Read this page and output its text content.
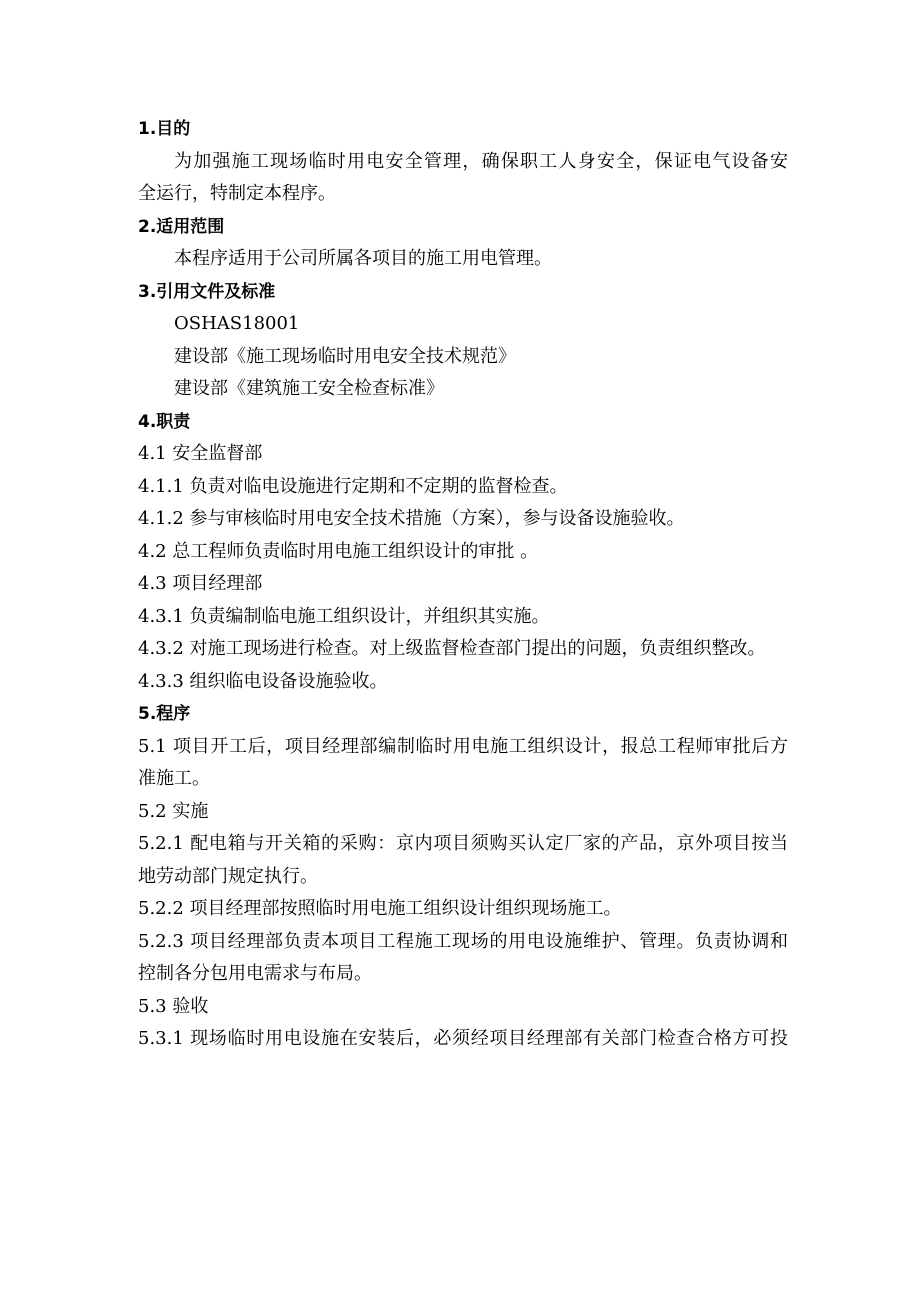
1.目的
为加强施工现场临时用电安全管理，确保职工人身安全，保证电气设备安
全运行，特制定本程序。
2.适用范围
本程序适用于公司所属各项目的施工用电管理。
3.引用文件及标准
OSHAS18001
建设部《施工现场临时用电安全技术规范》
建设部《建筑施工安全检查标准》
4.职责
4.1 安全监督部
4.1.1 负责对临电设施进行定期和不定期的监督检查。
4.1.2 参与审核临时用电安全技术措施（方案），参与设备设施验收。
4.2 总工程师负责临时用电施工组织设计的审批 。
4.3 项目经理部
4.3.1 负责编制临电施工组织设计，并组织其实施。
4.3.2 对施工现场进行检查。对上级监督检查部门提出的问题，负责组织整改。
4.3.3 组织临电设备设施验收。
5.程序
5.1 项目开工后，项目经理部编制临时用电施工组织设计，报总工程师审批后方
准施工。
5.2 实施
5.2.1 配电箱与开关箱的采购：京内项目须购买认定厂家的产品，京外项目按当
地劳动部门规定执行。
5.2.2 项目经理部按照临时用电施工组织设计组织现场施工。
5.2.3 项目经理部负责本项目工程施工现场的用电设施维护、管理。负责协调和
控制各分包用电需求与布局。
5.3 验收
5.3.1 现场临时用电设施在安装后，必须经项目经理部有关部门检查合格方可投
